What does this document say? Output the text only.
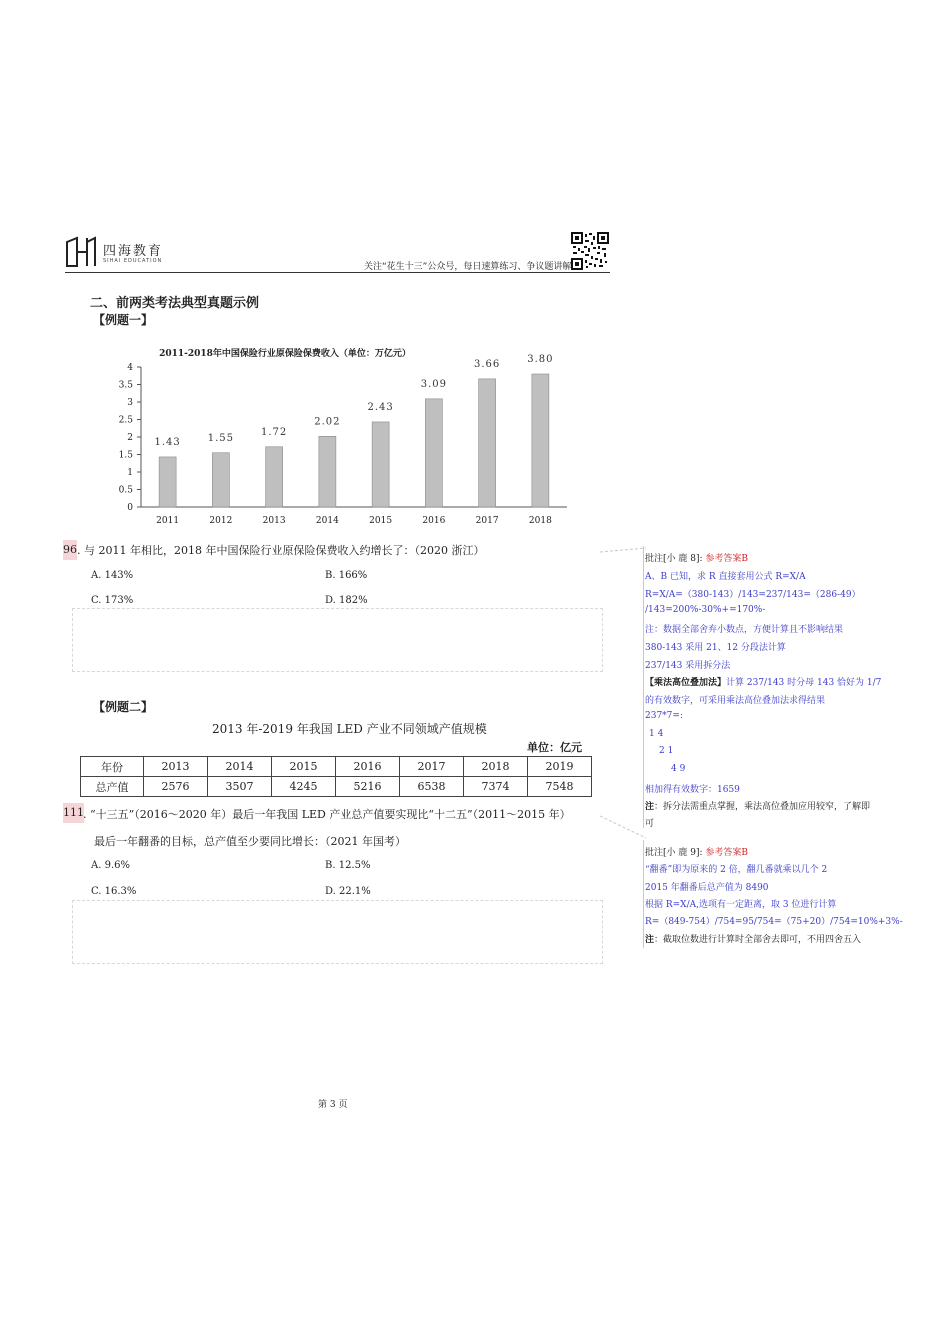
四海教育
SIHAI EDUCATION
关注“花生十三”公众号，每日速算练习、争议题讲解
二、前两类考法典型真题示例
【例题一】
2011-2018年中国保险行业原保险保费收入（单位：万亿元）
0
0.5
1
1.5
2
2.5
3
3.5
4
1.43	1.55
1.72
2.02
2.43
3.09
3.66	3.80
2011	2012	2013	2014	2015	2016	2017	2018
96 . 与 2011 年相比，2018 年中国保险行业原保险保费收入约增长了：（2020 浙江）
A. 143%	B. 166%
C. 173%	D. 182%
【例题二】
2013 年-2019 年我国 LED 产业不同领域产值规模
单位：亿元
年份	2013	2014	2015	2016	2017	2018	2019
总产值	2576	3507	4245	5216	6538	7374	7548
111 . “十三五”（2016～2020 年）最后一年我国 LED 产业总产值要实现比“十二五”（2011～2015 年）
最后一年翻番的目标，总产值至少要同比增长：（2021 年国考）
A. 9.6%	B. 12.5%
C. 16.3%	D. 22.1%
批注[小 鹿 8]: 参考答案B
A、B 已知，求 R 直接套用公式 R=X/A
R=X/A=（380-143）/143=237/143=（286-49）
/143=200%-30%+=170%-
注：数据全部舍弃小数点，方便计算且不影响结果
380-143 采用 21、12 分段法计算
237/143 采用拆分法
【乘法高位叠加法】计算 237/143 时分母 143 恰好为 1/7
的有效数字，可采用乘法高位叠加法求得结果
237*7=:
1 4
2 1
4 9
相加得有效数字：1659
注：拆分法需重点掌握，乘法高位叠加应用较窄，了解即
可
批注[小 鹿 9]: 参考答案B
“翻番”即为原来的 2 倍，翻几番就乘以几个 2
2015 年翻番后总产值为 8490
根据 R=X/A,选项有一定距离，取 3 位进行计算
R=（849-754）/754=95/754=（75+20）/754=10%+3%-
注：截取位数进行计算时全部舍去即可，不用四舍五入
第 3 页
